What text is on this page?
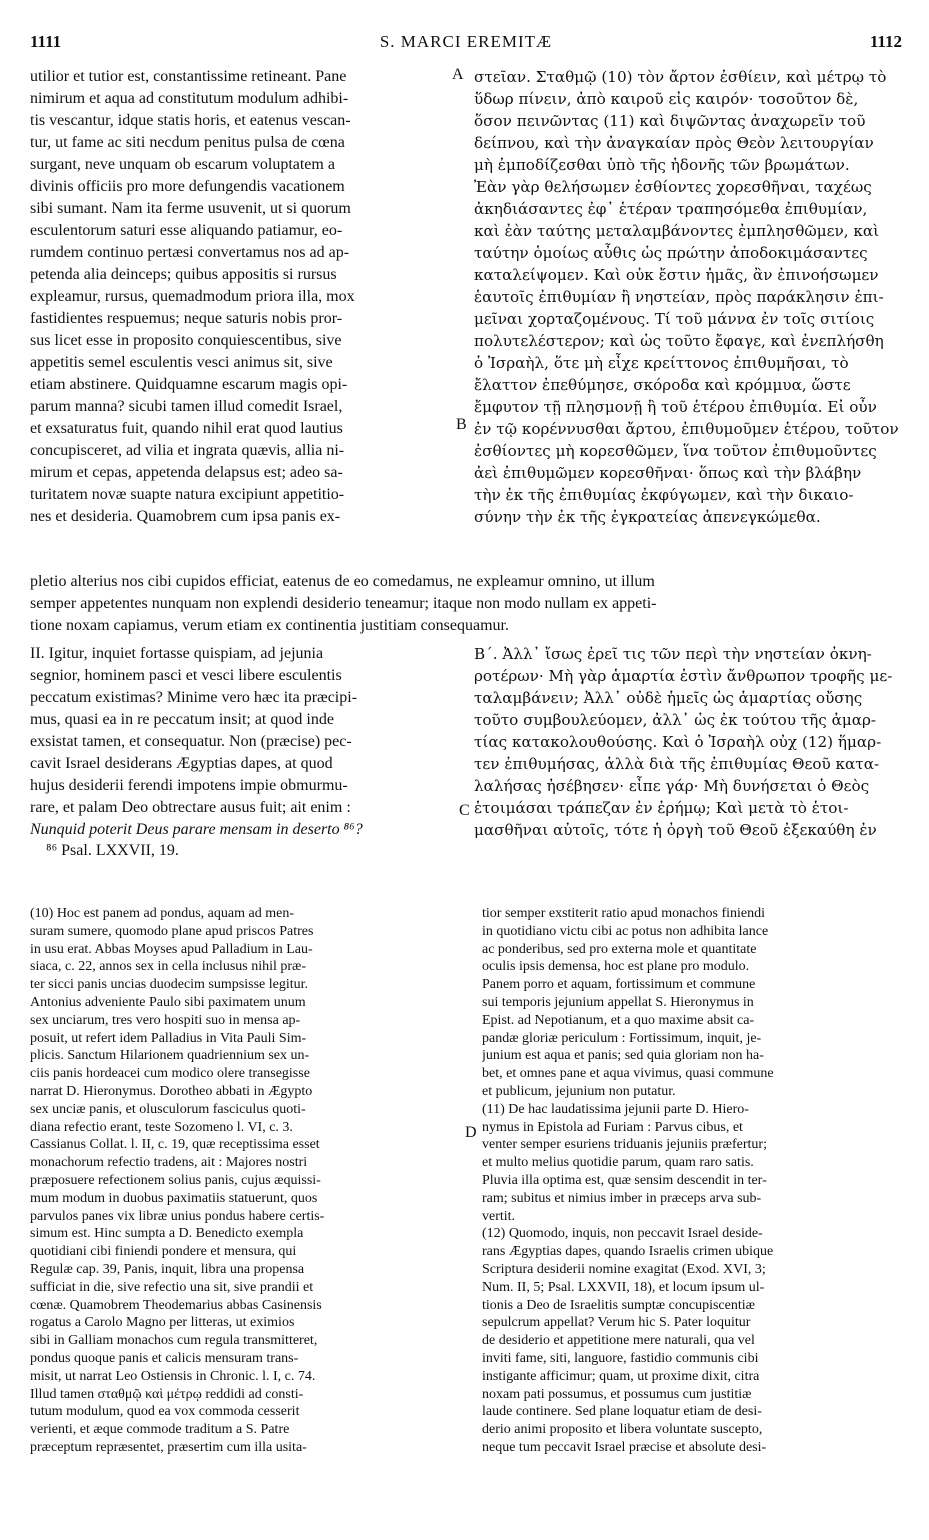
1111	S. MARCI EREMITÆ	1112
A
B
C
D
utilior et tutior est, constantissime retineant. Pane
nimirum et aqua ad constitutum modulum adhibi-
tis vescantur, idque statis horis, et eatenus vescan-
tur, ut fame ac siti necdum penitus pulsa de cœna
surgant, neve unquam ob escarum voluptatem a
divinis officiis pro more defungendis vacationem
sibi sumant. Nam ita ferme usuvenit, ut si quorum
esculentorum saturi esse aliquando patiamur, eo-
rumdem continuo pertæsi convertamus nos ad ap-
petenda alia deinceps; quibus appositis si rursus
expleamur, rursus, quemadmodum priora illa, mox
fastidientes respuemus; neque saturis nobis pror-
sus licet esse in proposito conquiescentibus, sive
appetitis semel esculentis vesci animus sit, sive
etiam abstinere. Quidquamne escarum magis opi-
parum manna? sicubi tamen illud comedit Israel,
et exsaturatus fuit, quando nihil erat quod lautius
concupisceret, ad vilia et ingrata quævis, allia ni-
mirum et cepas, appetenda delapsus est; adeo sa-
turitatem novæ suapte natura excipiunt appetitio-
nes et desideria. Quamobrem cum ipsa panis ex-
στεῖαν. Σταθμῷ (10) τὸν ἄρτον ἐσθίειν, καὶ μέτρῳ τὸ
ὕδωρ πίνειν, ἀπὸ καιροῦ εἰς καιρόν· τοσοῦτον δὲ,
ὅσον πεινῶντας (11) καὶ διψῶντας ἀναχωρεῖν τοῦ
δείπνου, καὶ τὴν ἀναγκαίαν πρὸς Θεὸν λειτουργίαν
μὴ ἐμποδίζεσθαι ὑπὸ τῆς ἡδονῆς τῶν βρωμάτων.
Ἐὰν γὰρ θελήσωμεν ἐσθίοντες χορεσθῆναι, ταχέως
ἀκηδιάσαντες ἐφ᾽ ἑτέραν τραπησόμεθα ἐπιθυμίαν,
καὶ ἐὰν ταύτης μεταλαμβάνοντες ἐμπλησθῶμεν, καὶ
ταύτην ὁμοίως αὖθις ὡς πρώτην ἀποδοκιμάσαντες
καταλείψομεν. Καὶ οὐκ ἔστιν ἡμᾶς, ἂν ἐπινοήσωμεν
ἑαυτοῖς ἐπιθυμίαν ἢ νηστείαν, πρὸς παράκλησιν ἐπι-
μεῖναι χορταζομένους. Τί τοῦ μάννα ἐν τοῖς σιτίοις
πολυτελέστερον; καὶ ὡς τοῦτο ἔφαγε, καὶ ἐνεπλήσθη
ὁ Ἰσραὴλ, ὅτε μὴ εἶχε κρείττονος ἐπιθυμῆσαι, τὸ
ἔλαττον ἐπεθύμησε, σκόροδα καὶ κρόμμυα, ὥστε
ἔμφυτον τῇ πλησμονῇ ἢ τοῦ ἑτέρου ἐπιθυμία. Εἰ οὖν
ἐν τῷ κορέννυσθαι ἄρτου, ἐπιθυμοῦμεν ἑτέρου, τοῦτον
ἐσθίοντες μὴ κορεσθῶμεν, ἵνα τοῦτον ἐπιθυμοῦντες
ἀεὶ ἐπιθυμῶμεν κορεσθῆναι· ὅπως καὶ τὴν βλάβην
τὴν ἐκ τῆς ἐπιθυμίας ἐκφύγωμεν, καὶ τὴν δικαιο-
σύνην τὴν ἐκ τῆς ἐγκρατείας ἀπενεγκώμεθα.
pletio alterius nos cibi cupidos efficiat, eatenus de eo comedamus, ne expleamur omnino, ut illum
semper appetentes nunquam non explendi desiderio teneamur; itaque non modo nullam ex appeti-
tione noxam capiamus, verum etiam ex continentia justitiam consequamur.
II. Igitur, inquiet fortasse quispiam, ad jejunia
segnior, hominem pasci et vesci libere esculentis
peccatum existimas? Minime vero hæc ita præcipi-
mus, quasi ea in re peccatum insit; at quod inde
exsistat tamen, et consequatur. Non (præcise) pec-
cavit Israel desiderans Ægyptias dapes, at quod
hujus desiderii ferendi impotens impie obmurmu-
rare, et palam Deo obtrectare ausus fuit; ait enim :
Nunquid poterit Deus parare mensam in deserto ⁸⁶?
Β΄. Ἀλλ᾽ ἴσως ἐρεῖ τις τῶν περὶ τὴν νηστείαν ὀκνη-
ροτέρων· Μὴ γὰρ ἁμαρτία ἐστὶν ἄνθρωπον τροφῆς με-
ταλαμβάνειν; Ἀλλ᾽ οὐδὲ ἡμεῖς ὡς ἁμαρτίας οὔσης
τοῦτο συμβουλεύομεν, ἀλλ᾽ ὡς ἐκ τούτου τῆς ἁμαρ-
τίας κατακολουθούσης. Καὶ ὁ Ἰσραὴλ οὐχ (12) ἥμαρ-
τεν ἐπιθυμήσας, ἀλλὰ διὰ τῆς ἐπιθυμίας Θεοῦ κατα-
λαλήσας ἠσέβησεν· εἶπε γάρ· Μὴ δυνήσεται ὁ Θεὸς
ἑτοιμάσαι τράπεζαν ἐν ἐρήμῳ; Καὶ μετὰ τὸ ἑτοι-
μασθῆναι αὐτοῖς, τότε ἡ ὀργὴ τοῦ Θεοῦ ἐξεκαύθη ἐν
⁸⁶ Psal. LXXVII, 19.
(10) Hoc est panem ad pondus, aquam ad men-
suram sumere, quomodo plane apud priscos Patres
in usu erat. Abbas Moyses apud Palladium in Lau-
siaca, c. 22, annos sex in cella inclusus nihil præ-
ter sicci panis uncias duodecim sumpsisse legitur.
Antonius adveniente Paulo sibi paximatem unum
sex unciarum, tres vero hospiti suo in mensa ap-
posuit, ut refert idem Palladius in Vita Pauli Sim-
plicis. Sanctum Hilarionem quadriennium sex un-
ciis panis hordeacei cum modico olere transegisse
narrat D. Hieronymus. Dorotheo abbati in Ægypto
sex unciæ panis, et olusculorum fasciculus quoti-
diana refectio erant, teste Sozomeno l. VI, c. 3.
Cassianus Collat. l. II, c. 19, quæ receptissima esset
monachorum refectio tradens, ait : Majores nostri
præposuere refectionem solius panis, cujus æquissi-
mum modum in duobus paximatiis statuerunt, quos
parvulos panes vix libræ unius pondus habere certis-
simum est. Hinc sumpta a D. Benedicto exempla
quotidiani cibi finiendi pondere et mensura, qui
Regulæ cap. 39, Panis, inquit, libra una propensa
sufficiat in die, sive refectio una sit, sive prandii et
cœnæ. Quamobrem Theodemarius abbas Casinensis
rogatus a Carolo Magno per litteras, ut eximios
sibi in Galliam monachos cum regula transmitteret,
pondus quoque panis et calicis mensuram trans-
misit, ut narrat Leo Ostiensis in Chronic. l. I, c. 74.
Illud tamen σταθμῷ καὶ μέτρῳ reddidi ad consti-
tutum modulum, quod ea vox commoda cesserit
verienti, et æque commode traditum a S. Patre
præceptum repræsentet, præsertim cum illa usita-
tior semper exstiterit ratio apud monachos finiendi
in quotidiano victu cibi ac potus non adhibita lance
ac ponderibus, sed pro externa mole et quantitate
oculis ipsis demensa, hoc est plane pro modulo.
Panem porro et aquam, fortissimum et commune
sui temporis jejunium appellat S. Hieronymus in
Epist. ad Nepotianum, et a quo maxime absit ca-
pandæ gloriæ periculum : Fortissimum, inquit, je-
junium est aqua et panis; sed quia gloriam non ha-
bet, et omnes pane et aqua vivimus, quasi commune
et publicum, jejunium non putatur.
(11) De hac laudatissima jejunii parte D. Hiero-
nymus in Epistola ad Furiam : Parvus cibus, et
venter semper esuriens triduanis jejuniis præfertur;
et multo melius quotidie parum, quam raro satis.
Pluvia illa optima est, quæ sensim descendit in ter-
ram; subitus et nimius imber in præceps arva sub-
vertit.
(12) Quomodo, inquis, non peccavit Israel deside-
rans Ægyptias dapes, quando Israelis crimen ubique
Scriptura desiderii nomine exagitat (Exod. XVI, 3;
Num. II, 5; Psal. LXXVII, 18), et locum ipsum ul-
tionis a Deo de Israelitis sumptæ concupiscentiæ
sepulcrum appellat? Verum hic S. Pater loquitur
de desiderio et appetitione mere naturali, qua vel
inviti fame, siti, languore, fastidio communis cibi
instigante afficimur; quam, ut proxime dixit, citra
noxam pati possumus, et possumus cum justitiæ
laude continere. Sed plane loquatur etiam de desi-
derio animi proposito et libera voluntate suscepto,
neque tum peccavit Israel præcise et absolute desi-
